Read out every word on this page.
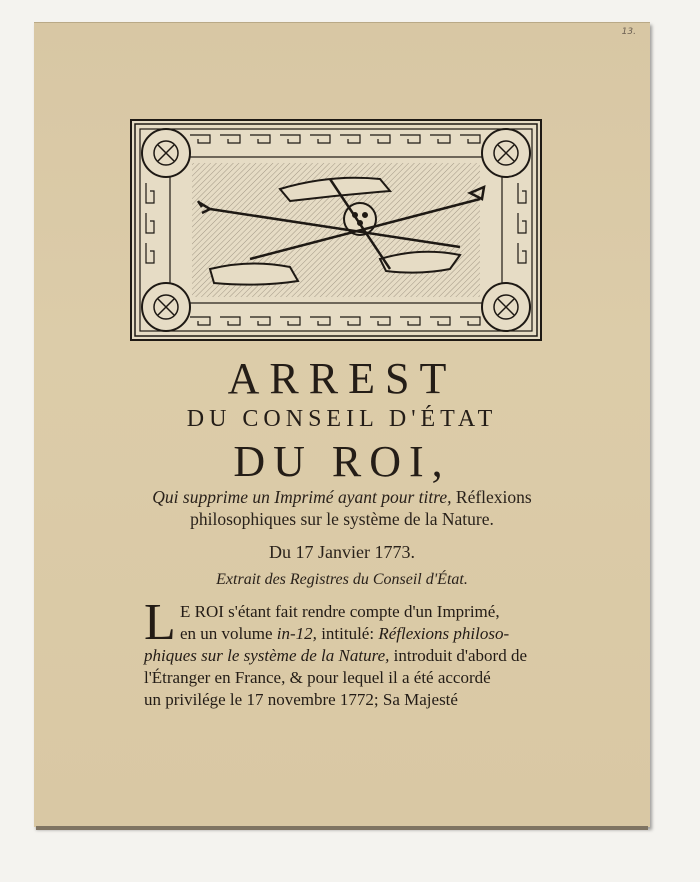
13.
ARREST
DU CONSEIL D'ÉTAT
DU ROI,
Qui supprime un Imprimé ayant pour titre, Réflexions
philosophiques sur le système de la Nature.
Du 17 Janvier 1773.
Extrait des Registres du Conseil d'État.
L E ROI s'étant fait rendre compte d'un Imprimé,
en un volume in-12, intitulé: Réflexions philoso-
phiques sur le système de la Nature, introduit d'abord de
l'Étranger en France, & pour lequel il a été accordé
un privilége le 17 novembre 1772; Sa Majesté
